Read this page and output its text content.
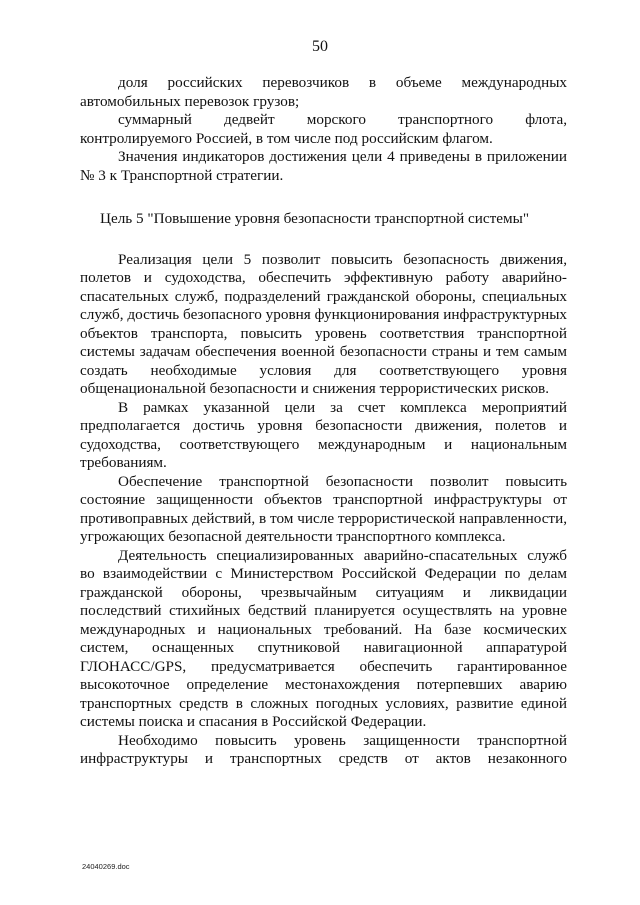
50

доля российских перевозчиков в объеме международных автомобильных перевозок грузов;

суммарный дедвейт морского транспортного флота, контролируемого Россией, в том числе под российским флагом.

Значения индикаторов достижения цели 4 приведены в приложении № 3 к Транспортной стратегии.

Цель 5 "Повышение уровня безопасности транспортной системы"

Реализация цели 5 позволит повысить безопасность движения, полетов и судоходства, обеспечить эффективную работу аварийно-спасательных служб, подразделений гражданской обороны, специальных служб, достичь безопасного уровня функционирования инфраструктурных объектов транспорта, повысить уровень соответствия транспортной системы задачам обеспечения военной безопасности страны и тем самым создать необходимые условия для соответствующего уровня общенациональной безопасности и снижения террористических рисков.

В рамках указанной цели за счет комплекса мероприятий предполагается достичь уровня безопасности движения, полетов и судоходства, соответствующего международным и национальным требованиям.

Обеспечение транспортной безопасности позволит повысить состояние защищенности объектов транспортной инфраструктуры от противоправных действий, в том числе террористической направленности, угрожающих безопасной деятельности транспортного комплекса.

Деятельность специализированных аварийно-спасательных служб во взаимодействии с Министерством Российской Федерации по делам гражданской обороны, чрезвычайным ситуациям и ликвидации последствий стихийных бедствий планируется осуществлять на уровне международных и национальных требований. На базе космических систем, оснащенных спутниковой навигационной аппаратурой ГЛОНАСС/GPS, предусматривается обеспечить гарантированное высокоточное определение местонахождения потерпевших аварию транспортных средств в сложных погодных условиях, развитие единой системы поиска и спасания в Российской Федерации.

Необходимо повысить уровень защищенности транспортной инфраструктуры и транспортных средств от актов незаконного

24040269.doc
